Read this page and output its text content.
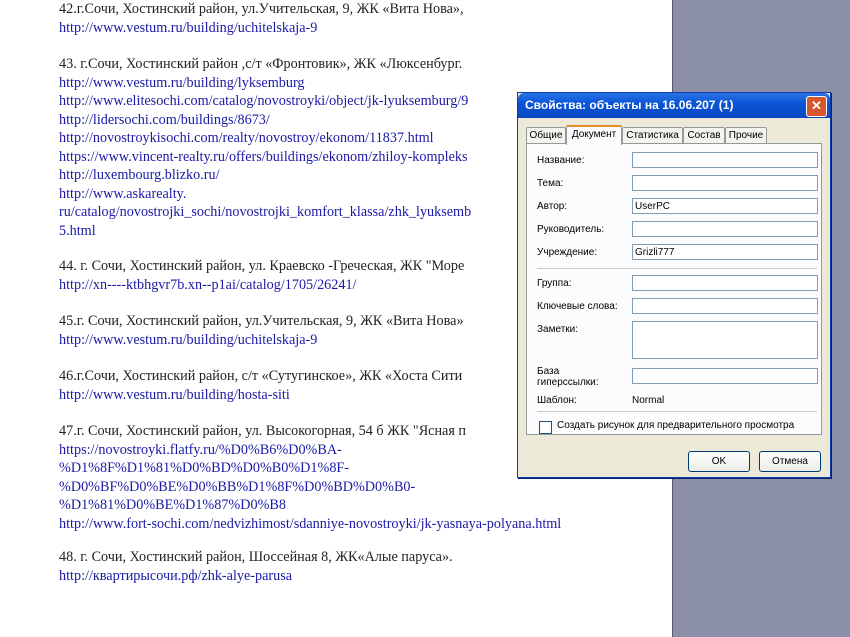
42.г.Сочи, Хостинский район, ул.Учительская, 9, ЖК «Вита Нова»,
http://www.vestum.ru/building/uchitelskaja-9
43. г.Сочи, Хостинский район ,с/т «Фронтовик», ЖК «Люксенбург.
http://www.vestum.ru/building/lyksemburg
http://www.elitesochi.com/catalog/novostroyki/object/jk-lyuksemburg/9
http://lidersochi.com/buildings/8673/
http://novostroykisochi.com/realty/novostroy/ekonom/11837.html
https://www.vincent-realty.ru/offers/buildings/ekonom/zhiloy-kompleks
http://luxembourg.blizko.ru/
http://www.askarealty.
ru/catalog/novostrojki_sochi/novostrojki_komfort_klassa/zhk_lyuksemb
5.html
44. г. Сочи, Хостинский район, ул. Краевско -Греческая, ЖК "Море
http://xn----ktbhgvr7b.xn--p1ai/catalog/1705/26241/
45.г. Сочи, Хостинский район, ул.Учительская, 9, ЖК «Вита Нова»
http://www.vestum.ru/building/uchitelskaja-9
46.г.Сочи, Хостинский район, с/т «Сутугинское», ЖК «Хоста Сити
http://www.vestum.ru/building/hosta-siti
47.г. Сочи, Хостинский район, ул. Высокогорная, 54 б ЖК "Ясная п
https://novostroyki.flatfy.ru/%D0%B6%D0%BA-
%D1%8F%D1%81%D0%BD%D0%B0%D1%8F-
%D0%BF%D0%BE%D0%BB%D1%8F%D0%BD%D0%B0-
%D1%81%D0%BE%D1%87%D0%B8
http://www.fort-sochi.com/nedvizhimost/sdanniye-novostroyki/jk-yasnaya-polyana.html
48. г. Сочи, Хостинский район, Шоссейная 8, ЖК«Алые паруса».
http://квартирысочи.рф/zhk-alye-parusa
Свойства: объекты на 16.06.207 (1)	✕
Общие Документ	Статистика Состав Прочие
Название:
Тема:
Автор:	UserPC
Руководитель:
Учреждение:	Grizli777
Группа:
Ключевые слова:
Заметки:
База
гиперссылки:
Шаблон:	Normal
Создать рисунок для предварительного просмотра
OK	Отмена
